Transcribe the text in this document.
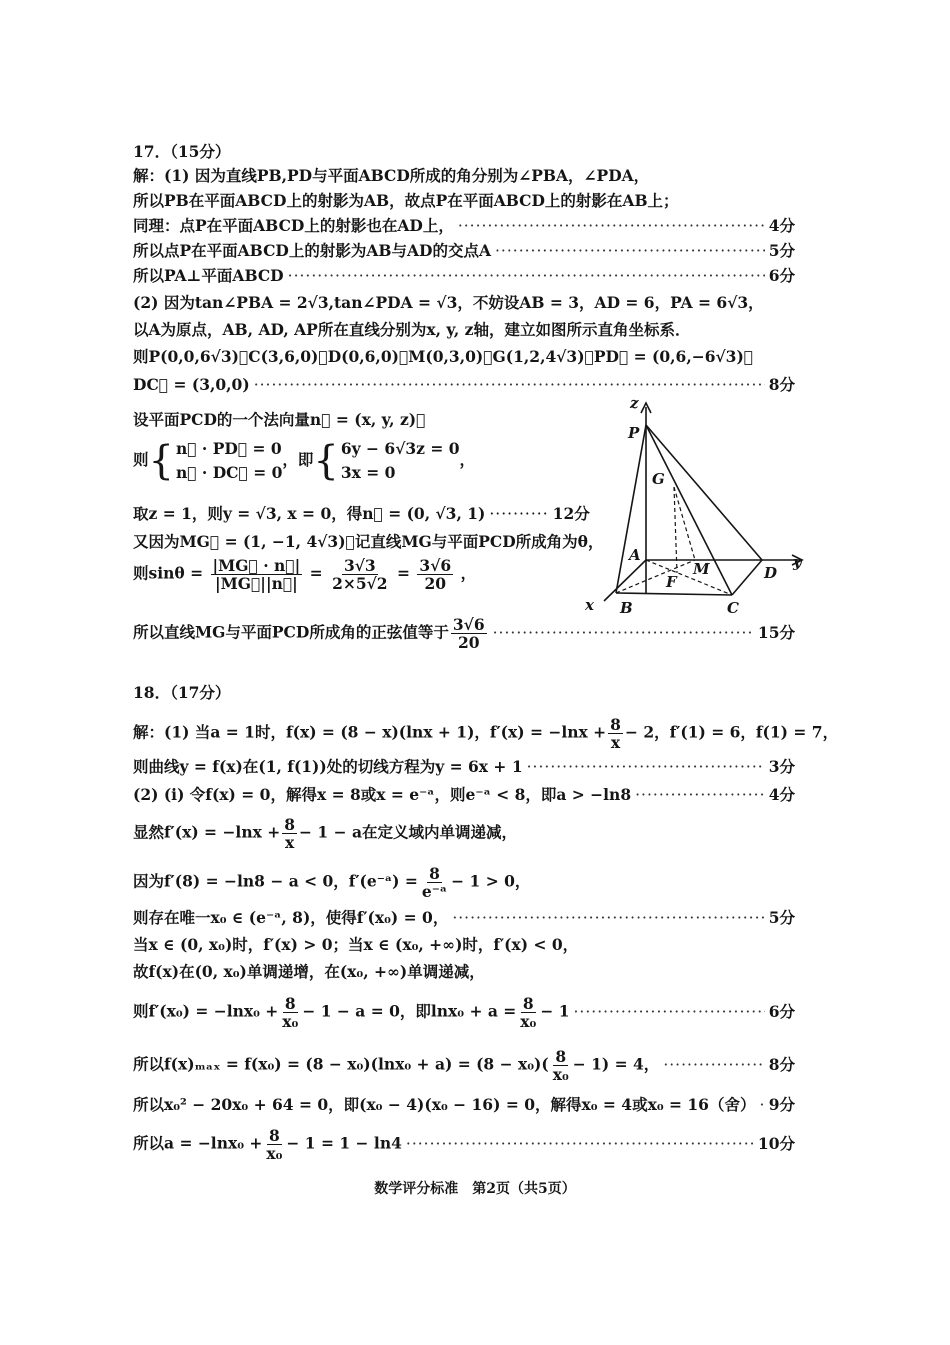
17．（15分）
解：(1) 因为直线PB,PD与平面ABCD所成的角分别为∠PBA，∠PDA，
所以PB在平面ABCD上的射影为AB，故点P在平面ABCD上的射影在AB上；
同理：点P在平面ABCD上的射影也在AD上， ·····	4分
所以点P在平面ABCD上的射影为AB与AD的交点A ·····	5分
所以PA⊥平面ABCD ·····	6分
(2) 因为tan∠PBA = 2√3,tan∠PDA = √3，不妨设AB = 3，AD = 6，PA = 6√3，
以A为原点，AB, AD, AP所在直线分别为x, y, z轴，建立如图所示直角坐标系．
则P(0,0,6√3)，C(3,6,0)，D(0,6,0)，M(0,3,0)，G(1,2,4√3)，PD⃗ = (0,6,−6√3)，
DC⃗ = (3,0,0) ·····	8分
设平面PCD的一个法向量n⃗ = (x, y, z)，
则 { n⃗ · PD⃗ = 0
n⃗ · DC⃗ = 0
，即 { 6y − 6√3z = 0
3x = 0
，
取z = 1，则y = √3, x = 0，得n⃗ = (0, √3, 1) ·········· 12分
又因为MG⃗ = (1, −1, 4√3)，记直线MG与平面PCD所成角为θ，
则$\sin\theta = \frac{|MG⃗ \cdot n⃗|}{|MG⃗||n⃗|} = \frac{3√3}{2\times 5√2} = \frac{3√6}{20}$ ，
所以直线MG与平面PCD所成角的正弦值等于 $\frac{3√6}{20}$ ·····	15分
P
z
G
A
M
F	D
y
x B	C
18．（17分）
解：(1) 当a = 1时，f(x) = (8 − x)(lnx + 1)，$f'(x) = -\ln x + \frac{8}{x} - 2$，f′(1) = 6，f(1) = 7，
则曲线y = f(x)在(1, f(1))处的切线方程为y = 6x + 1 ·····	3分
(2) (i) 令f(x) = 0，解得x = 8或x = e⁻ᵃ，则e⁻ᵃ < 8，即a > −ln8 ·····	4分
显然$f'(x) = -\ln x + \frac{8}{x} - 1 - a$在定义域内单调递减，
因为f′(8) = −ln8 − a < 0，f′(e⁻ᵃ) = $\frac{8}{\text{e⁻ᵃ}} - 1 > 0$，
则存在唯一x₀ ∈ (e⁻ᵃ, 8)，使得f′(x₀) = 0， ·····	5分
当x ∈ (0, x₀)时，f′(x) > 0；当x ∈ (x₀, +∞)时，f′(x) < 0，
故f(x)在(0, x₀)单调递增，在(x₀, +∞)单调递减，
则$f'(x_0) = -\ln x_0 + \frac{8}{\text{x₀}} - 1 - a = 0$，即$\ln x_0 + a = \frac{8}{\text{x₀}} - 1$ ·····	6分
所以$f(x)_{max} = f(x_0) = (8 - x_0)(\ln x_0 + a) = (8 - x_0)( \frac{8}{\text{x₀}} - 1) = 4$， ·····	8分
所以x₀² − 20x₀ + 64 = 0，即(x₀ − 4)(x₀ − 16) = 0，解得x₀ = 4或x₀ = 16（舍） ····· 9分
所以$a = -\ln x_0 + \frac{8}{\text{x₀}} - 1 = 1 - \ln 4$ ·····	10分
数学评分标准　第2页（共5页）
